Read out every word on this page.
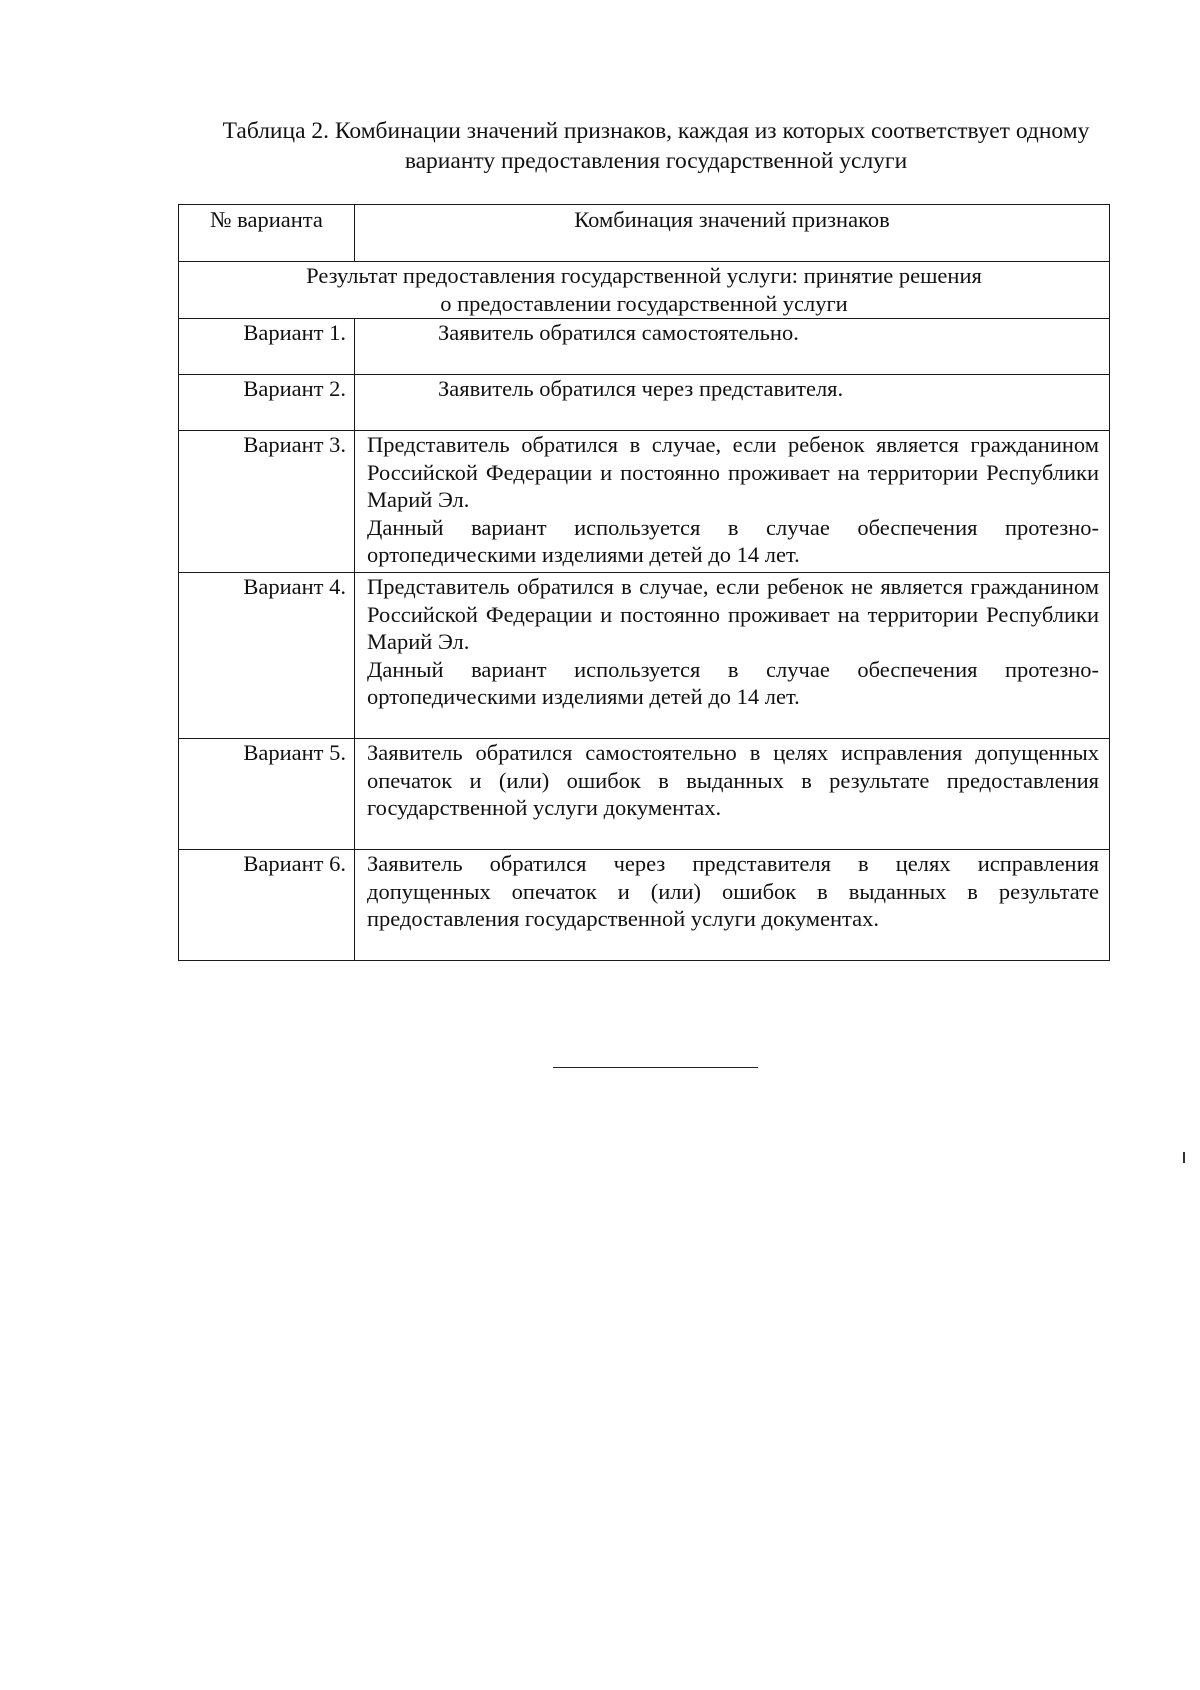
Таблица 2. Комбинации значений признаков, каждая из которых соответствует одному
варианту предоставления государственной услуги
№ варианта	Комбинация значений признаков

Результат предоставления государственной услуги: принятие решения
о предоставлении государственной услуги	

Вариант 1.	Заявитель обратился самостоятельно.

Вариант 2.	Заявитель обратился через представителя.

Вариант 3.	Представитель обратился в случае, если ребенок является гражданином Российской Федерации и постоянно проживает на территории Республики Марий Эл.

Данный вариант используется в случае обеспечения протезно-ортопедическими изделиями детей до 14 лет.

Вариант 4.	Представитель обратился в случае, если ребенок не является гражданином Российской Федерации и постоянно проживает на территории Республики Марий Эл.

Данный вариант используется в случае обеспечения протезно-ортопедическими изделиями детей до 14 лет.

Вариант 5.	Заявитель обратился самостоятельно в целях исправления допущенных опечаток и (или) ошибок в выданных в результате предоставления государственной услуги документах.

Вариант 6.	Заявитель обратился через представителя в целях исправления допущенных опечаток и (или) ошибок в выданных в результате предоставления государственной услуги документах.
